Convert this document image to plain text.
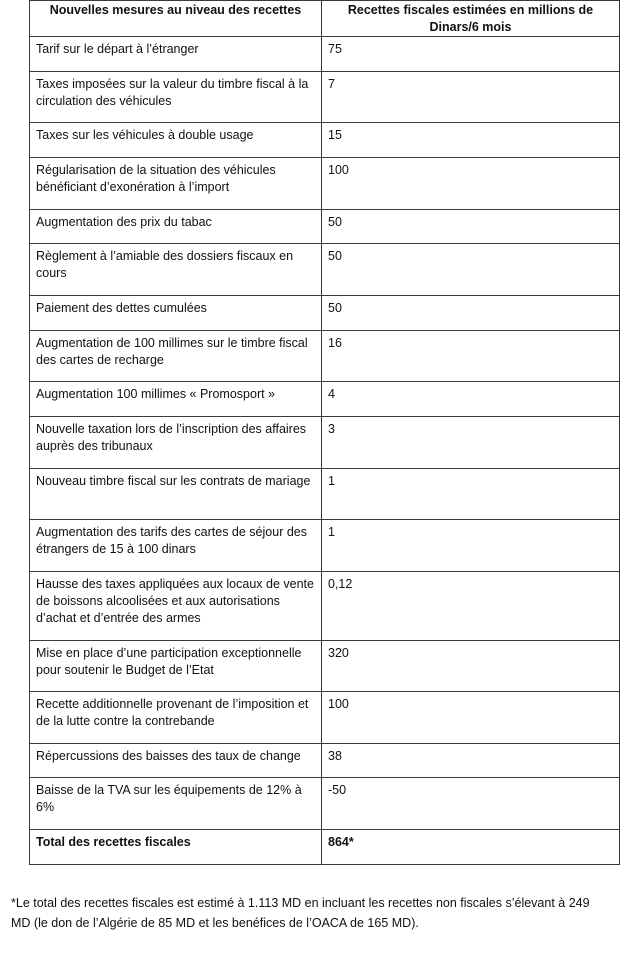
Nouvelles mesures au niveau des recettes	Recettes fiscales estimées en millions de Dinars/6 mois
Tarif sur le départ à l’étranger	75
Taxes imposées sur la valeur du timbre fiscal à la circulation des véhicules	7
Taxes sur les véhicules à double usage	15
Régularisation de la situation des véhicules bénéficiant d’exonération à l’import	100
Augmentation des prix du tabac	50
Règlement à l’amiable des dossiers fiscaux en cours	50
Paiement des dettes cumulées	50
Augmentation de 100 millimes sur le timbre fiscal des cartes de recharge	16
Augmentation 100 millimes « Promosport »	4
Nouvelle taxation lors de l’inscription des affaires auprès des tribunaux	3
Nouveau timbre fiscal sur les contrats de mariage	1
Augmentation des tarifs des cartes de séjour des étrangers de 15 à 100 dinars	1
Hausse des taxes appliquées aux locaux de vente de boissons alcoolisées et aux autorisations d’achat et d’entrée des armes	0,12
Mise en place d’une participation exceptionnelle pour soutenir le Budget de l’Etat	320
Recette additionnelle provenant de l’imposition et de la lutte contre la contrebande	100
Répercussions des baisses des taux de change	38
Baisse de la TVA sur les équipements de 12% à 6%	-50
Total des recettes fiscales	864*
*Le total des recettes fiscales est estimé à 1.113 MD en incluant les recettes non fiscales s’élevant à 249 MD (le don de l’Algérie de 85 MD et les benéfices de l’OACA de 165 MD).
